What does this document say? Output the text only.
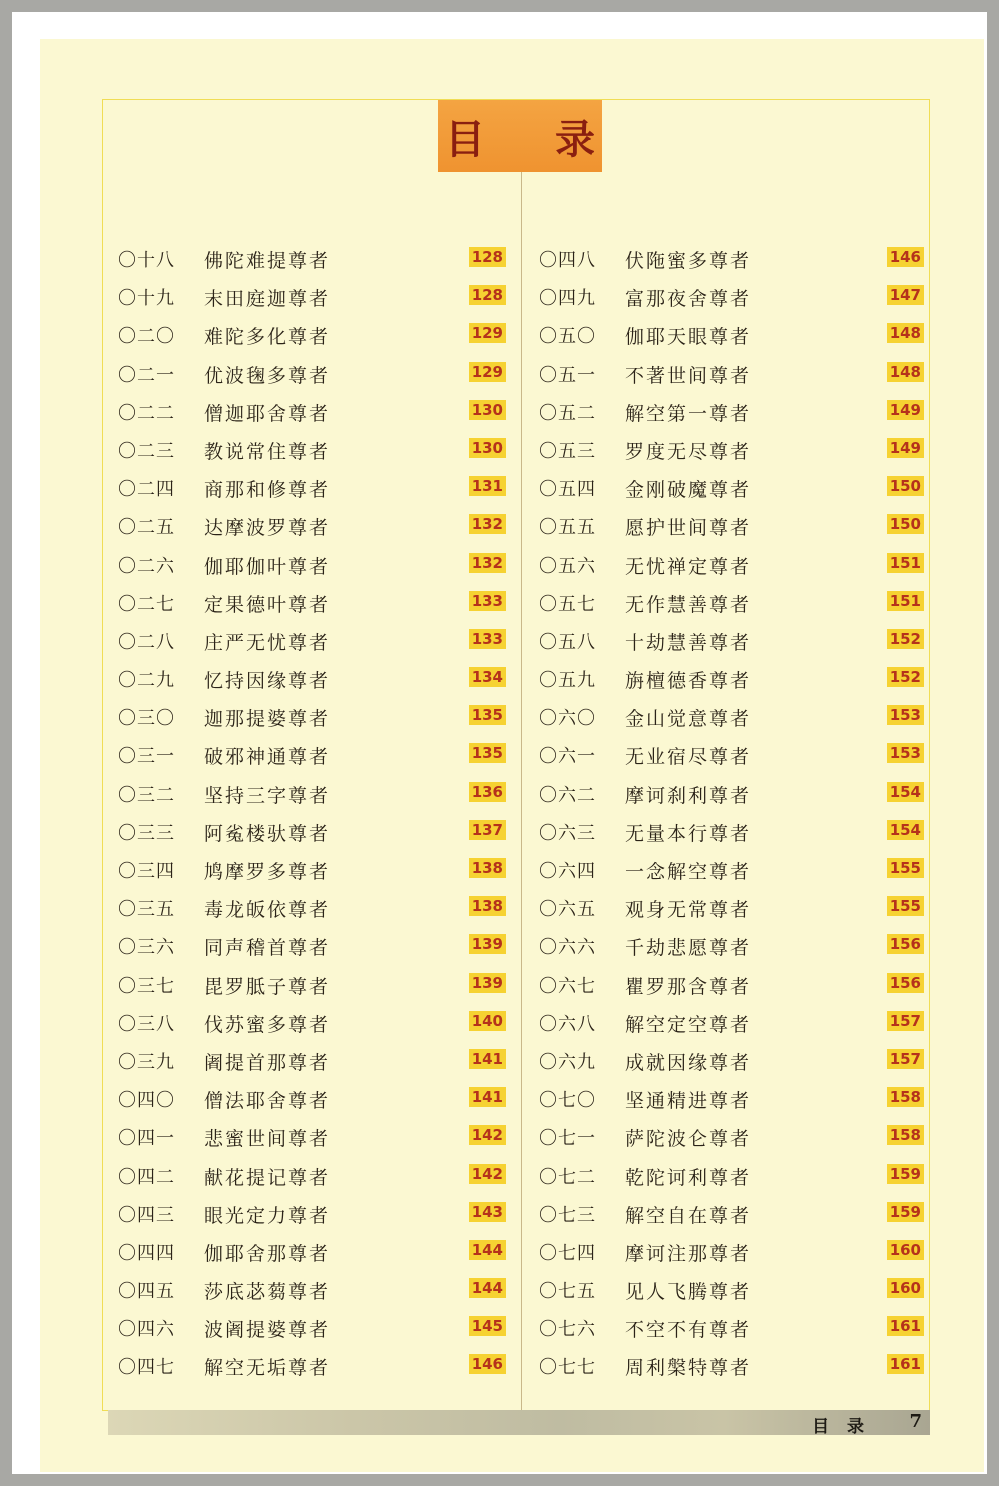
目 录
〇十八 佛陀难提尊者	128
〇十九 末田庭迦尊者	128
〇二〇 难陀多化尊者	129
〇二一 优波毱多尊者	129
〇二二 僧迦耶舍尊者	130
〇二三 教说常住尊者	130
〇二四 商那和修尊者	131
〇二五 达摩波罗尊者	132
〇二六 伽耶伽叶尊者	132
〇二七 定果德叶尊者	133
〇二八 庄严无忧尊者	133
〇二九 忆持因缘尊者	134
〇三〇 迦那提婆尊者	135
〇三一 破邪神通尊者	135
〇三二 坚持三字尊者	136
〇三三 阿㝹楼驮尊者	137
〇三四 鸠摩罗多尊者	138
〇三五 毒龙皈依尊者	138
〇三六 同声稽首尊者	139
〇三七 毘罗胝子尊者	139
〇三八 伐苏蜜多尊者	140
〇三九 阇提首那尊者	141
〇四〇 僧法耶舍尊者	141
〇四一 悲蜜世间尊者	142
〇四二 献花提记尊者	142
〇四三 眼光定力尊者	143
〇四四 伽耶舍那尊者	144
〇四五 莎底苾蒭尊者	144
〇四六 波阇提婆尊者	145
〇四七 解空无垢尊者	146
〇四八 伏陁蜜多尊者	146
〇四九 富那夜舍尊者	147
〇五〇 伽耶天眼尊者	148
〇五一 不著世间尊者	148
〇五二 解空第一尊者	149
〇五三 罗度无尽尊者	149
〇五四 金刚破魔尊者	150
〇五五 愿护世间尊者	150
〇五六 无忧禅定尊者	151
〇五七 无作慧善尊者	151
〇五八 十劫慧善尊者	152
〇五九 旃檀德香尊者	152
〇六〇 金山觉意尊者	153
〇六一 无业宿尽尊者	153
〇六二 摩诃刹利尊者	154
〇六三 无量本行尊者	154
〇六四 一念解空尊者	155
〇六五 观身无常尊者	155
〇六六 千劫悲愿尊者	156
〇六七 瞿罗那含尊者	156
〇六八 解空定空尊者	157
〇六九 成就因缘尊者	157
〇七〇 坚通精进尊者	158
〇七一 萨陀波仑尊者	158
〇七二 乾陀诃利尊者	159
〇七三 解空自在尊者	159
〇七四 摩诃注那尊者	160
〇七五 见人飞腾尊者	160
〇七六 不空不有尊者	161
〇七七 周利槃特尊者	161
目 录 7
